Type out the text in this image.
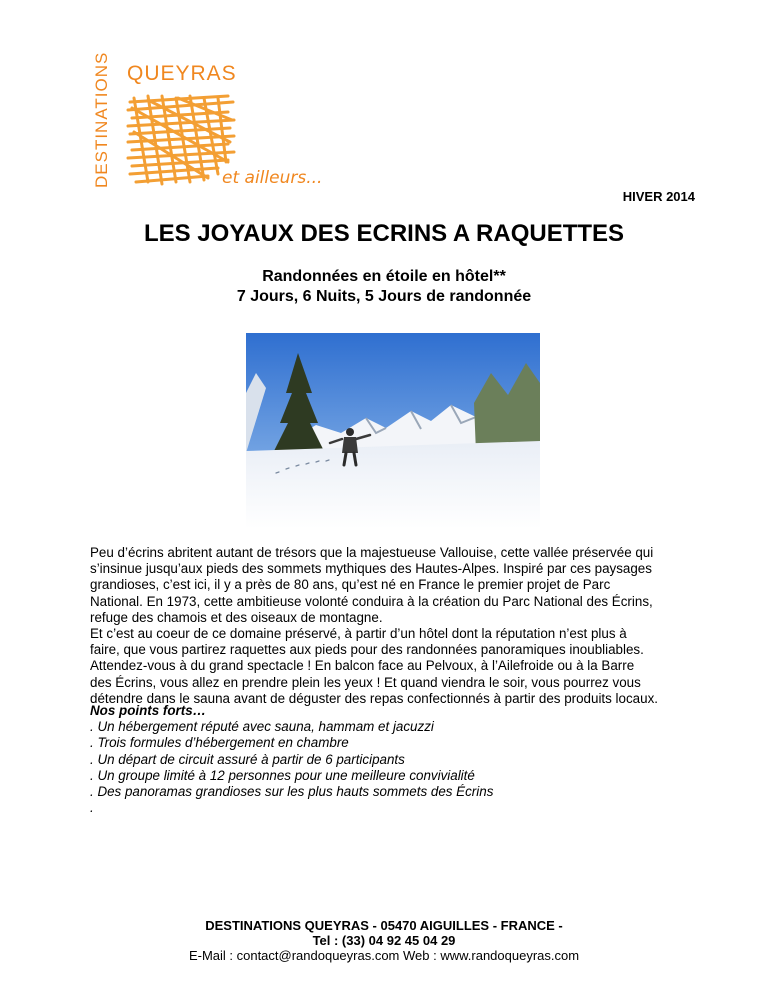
DESTINATIONS QUEYRAS
et ailleurs...
HIVER 2014
LES JOYAUX DES ECRINS A RAQUETTES
Randonnées en étoile en hôtel**
7 Jours, 6 Nuits, 5 Jours de randonnée
Peu d’écrins abritent autant de trésors que la majestueuse Vallouise, cette vallée préservée qui
s’insinue jusqu’aux pieds des sommets mythiques des Hautes-Alpes. Inspiré par ces paysages
grandioses, c’est ici, il y a près de 80 ans, qu’est né en France le premier projet de Parc
National. En 1973, cette ambitieuse volonté conduira à la création du Parc National des Écrins,
refuge des chamois et des oiseaux de montagne.
Et c’est au coeur de ce domaine préservé, à partir d’un hôtel dont la réputation n’est plus à
faire, que vous partirez raquettes aux pieds pour des randonnées panoramiques inoubliables.
Attendez-vous à du grand spectacle ! En balcon face au Pelvoux, à l’Ailefroide ou à la Barre
des Écrins, vous allez en prendre plein les yeux ! Et quand viendra le soir, vous pourrez vous
détendre dans le sauna avant de déguster des repas confectionnés à partir des produits locaux.
Nos points forts…
. Un hébergement réputé avec sauna, hammam et jacuzzi
. Trois formules d’hébergement en chambre
. Un départ de circuit assuré à partir de 6 participants
. Un groupe limité à 12 personnes pour une meilleure convivialité
. Des panoramas grandioses sur les plus hauts sommets des Écrins
.
DESTINATIONS QUEYRAS - 05470 AIGUILLES - FRANCE -
Tel : (33) 04 92 45 04 29
E-Mail : contact@randoqueyras.com Web : www.randoqueyras.com
